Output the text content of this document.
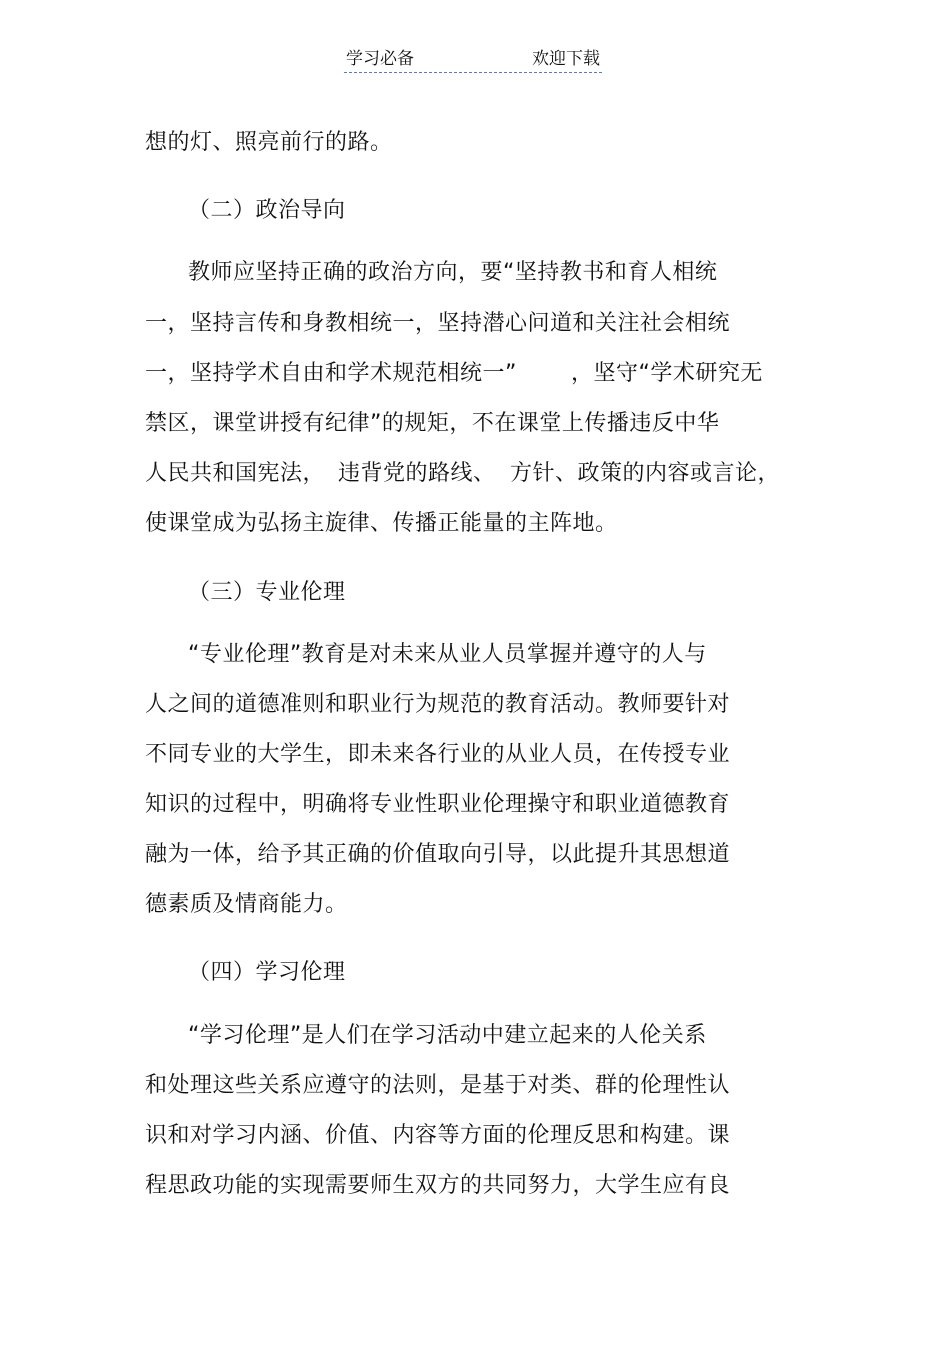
学习必备	欢迎下载
想的灯、照亮前行的路。
（二）政治导向
教师应坚持正确的政治方向，要“坚持教书和育人相统
一，坚持言传和身教相统一，坚持潜心问道和关注社会相统
一，坚持学术自由和学术规范相统一” ，坚守“学术研究无
禁区，课堂讲授有纪律”的规矩，不在课堂上传播违反中华
人民共和国宪法， 违背党的路线、 方针、政策的内容或言论，
使课堂成为弘扬主旋律、传播正能量的主阵地。
（三）专业伦理
“专业伦理”教育是对未来从业人员掌握并遵守的人与
人之间的道德准则和职业行为规范的教育活动。教师要针对
不同专业的大学生，即未来各行业的从业人员，在传授专业
知识的过程中，明确将专业性职业伦理操守和职业道德教育
融为一体，给予其正确的价值取向引导，以此提升其思想道
德素质及情商能力。
（四）学习伦理
“学习伦理”是人们在学习活动中建立起来的人伦关系
和处理这些关系应遵守的法则，是基于对类、群的伦理性认
识和对学习内涵、价值、内容等方面的伦理反思和构建。课
程思政功能的实现需要师生双方的共同努力，大学生应有良
